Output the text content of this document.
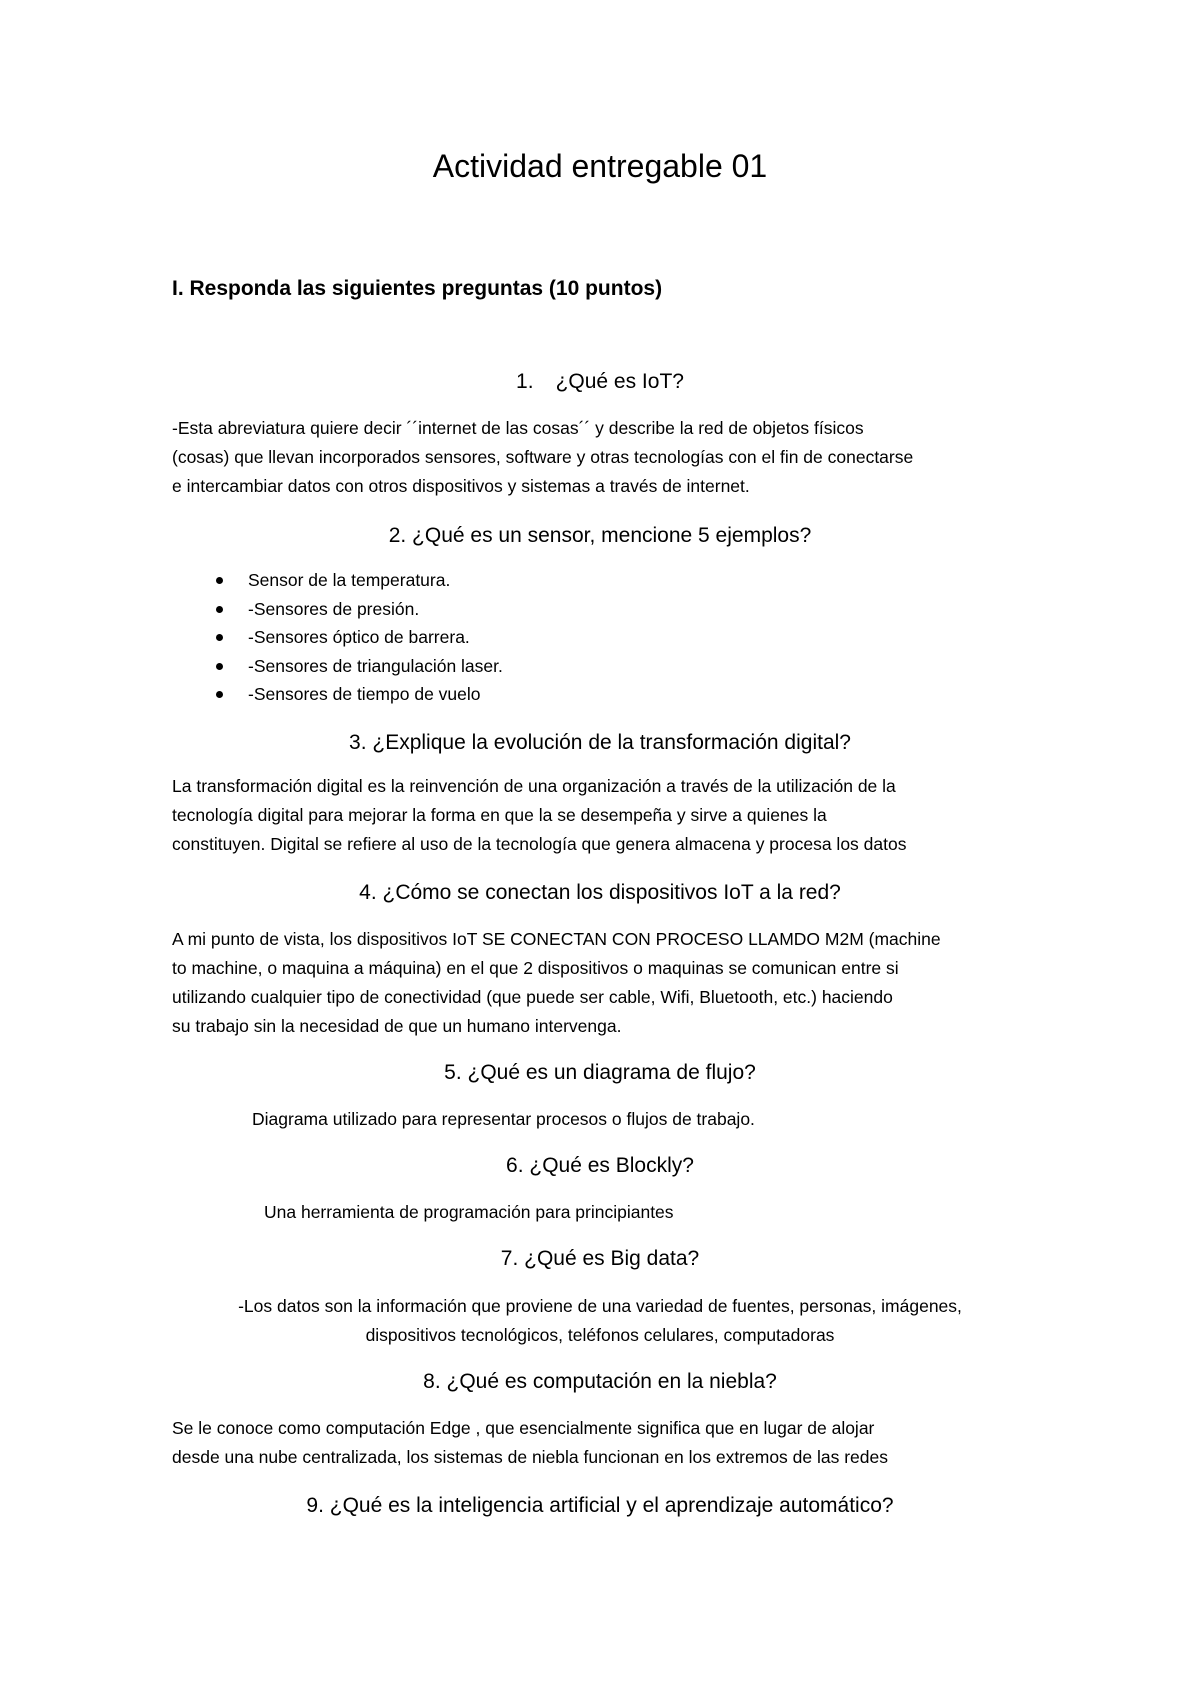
Actividad entregable 01
I. Responda las siguientes preguntas (10 puntos)
1. ¿Qué es IoT?
-Esta abreviatura quiere decir ´´internet de las cosas´´ y describe la red de objetos físicos
(cosas) que llevan incorporados sensores, software y otras tecnologías con el fin de conectarse
e intercambiar datos con otros dispositivos y sistemas a través de internet.
2. ¿Qué es un sensor, mencione 5 ejemplos?
Sensor de la temperatura.
-Sensores de presión.
-Sensores óptico de barrera.
-Sensores de triangulación laser.
-Sensores de tiempo de vuelo
3. ¿Explique la evolución de la transformación digital?
La transformación digital es la reinvención de una organización a través de la utilización de la
tecnología digital para mejorar la forma en que la se desempeña y sirve a quienes la
constituyen. Digital se refiere al uso de la tecnología que genera almacena y procesa los datos
4. ¿Cómo se conectan los dispositivos IoT a la red?
A mi punto de vista, los dispositivos IoT SE CONECTAN CON PROCESO LLAMDO M2M (machine
to machine, o maquina a máquina) en el que 2 dispositivos o maquinas se comunican entre si
utilizando cualquier tipo de conectividad (que puede ser cable, Wifi, Bluetooth, etc.) haciendo
su trabajo sin la necesidad de que un humano intervenga.
5. ¿Qué es un diagrama de flujo?
Diagrama utilizado para representar procesos o flujos de trabajo.
6. ¿Qué es Blockly?
Una herramienta de programación para principiantes
7. ¿Qué es Big data?
-Los datos son la información que proviene de una variedad de fuentes, personas, imágenes,
dispositivos tecnológicos, teléfonos celulares, computadoras
8. ¿Qué es computación en la niebla?
Se le conoce como computación Edge , que esencialmente significa que en lugar de alojar
desde una nube centralizada, los sistemas de niebla funcionan en los extremos de las redes
9. ¿Qué es la inteligencia artificial y el aprendizaje automático?
